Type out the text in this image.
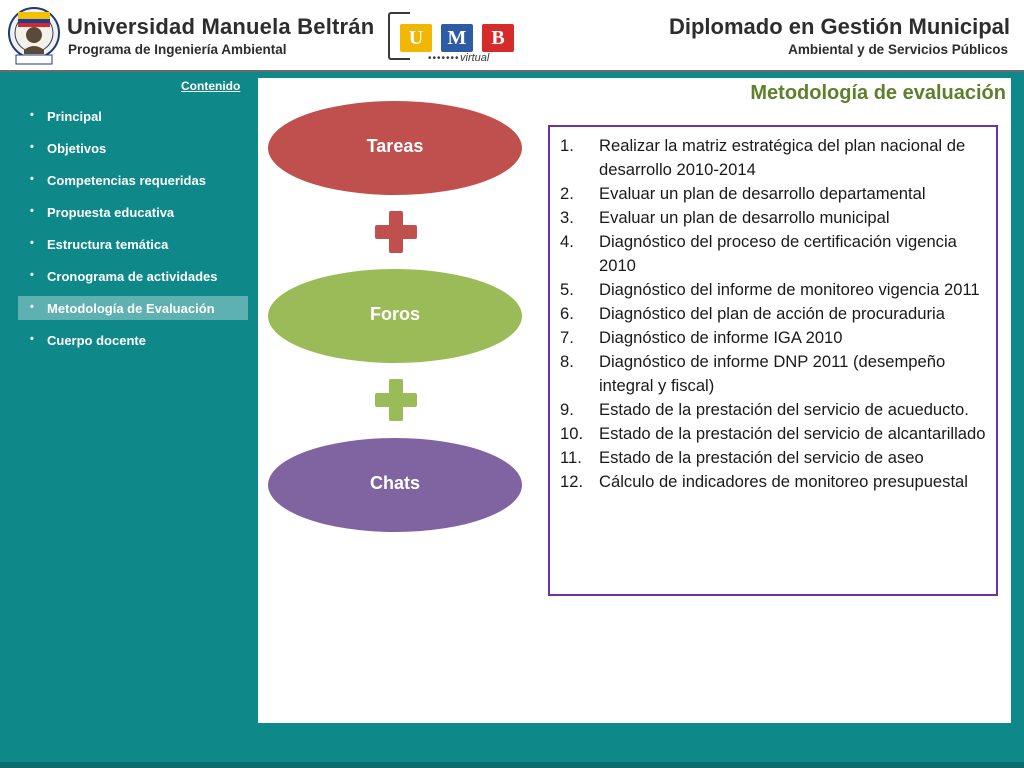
Universidad Manuela Beltrán
Programa de Ingeniería Ambiental
U	M	B
••••••• virtual
Diplomado en Gestión Municipal
Ambiental y de Servicios Públicos
Contenido
• Principal
• Objetivos
• Competencias requeridas
• Propuesta educativa
• Estructura temática
• Cronograma de actividades
• Metodología de Evaluación
• Cuerpo docente
Metodología de evaluación
Tareas
Foros
Chats
1. Realizar la matriz estratégica del plan nacional de desarrollo 2010-2014
2. Evaluar un plan de desarrollo departamental
3. Evaluar un plan de desarrollo municipal
4. Diagnóstico del proceso de certificación vigencia 2010
5. Diagnóstico del informe de monitoreo vigencia 2011
6. Diagnóstico del plan de acción de procuraduria
7. Diagnóstico de informe IGA 2010
8. Diagnóstico de informe DNP 2011 (desempeño integral y fiscal)
9. Estado de la prestación del servicio de acueducto.
10. Estado de la prestación del servicio de alcantarillado
11. Estado de la prestación del servicio de aseo
12. Cálculo de indicadores de monitoreo presupuestal
